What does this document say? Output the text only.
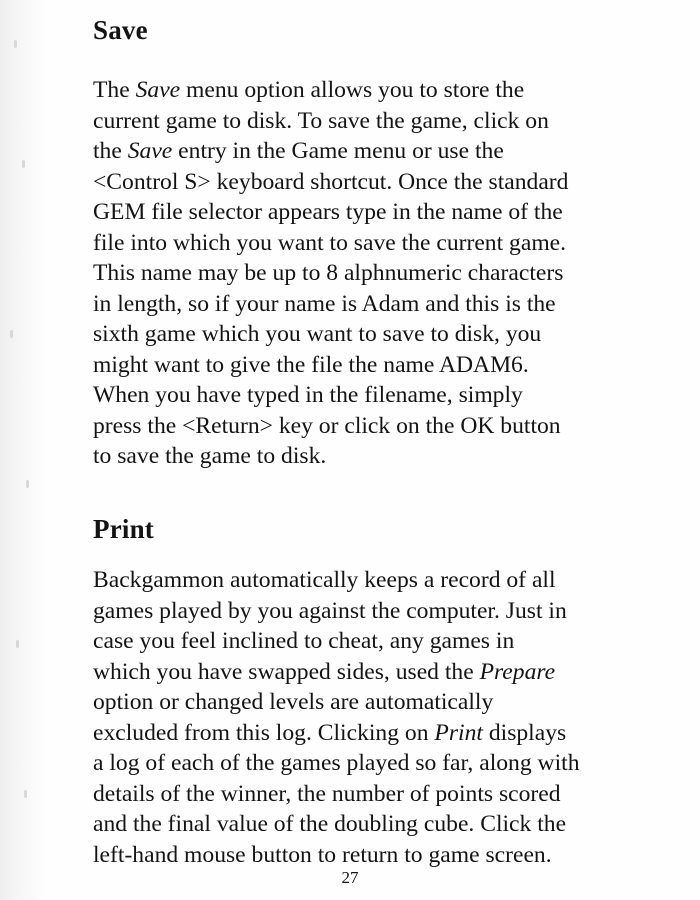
Save
The Save menu option allows you to store the
current game to disk. To save the game, click on
the Save entry in the Game menu or use the
<Control S> keyboard shortcut. Once the standard
GEM file selector appears type in the name of the
file into which you want to save the current game.
This name may be up to 8 alphnumeric characters
in length, so if your name is Adam and this is the
sixth game which you want to save to disk, you
might want to give the file the name ADAM6.
When you have typed in the filename, simply
press the <Return> key or click on the OK button
to save the game to disk.
Print
Backgammon automatically keeps a record of all
games played by you against the computer. Just in
case you feel inclined to cheat, any games in
which you have swapped sides, used the Prepare
option or changed levels are automatically
excluded from this log. Clicking on Print displays
a log of each of the games played so far, along with
details of the winner, the number of points scored
and the final value of the doubling cube. Click the
left-hand mouse button to return to game screen.
27
